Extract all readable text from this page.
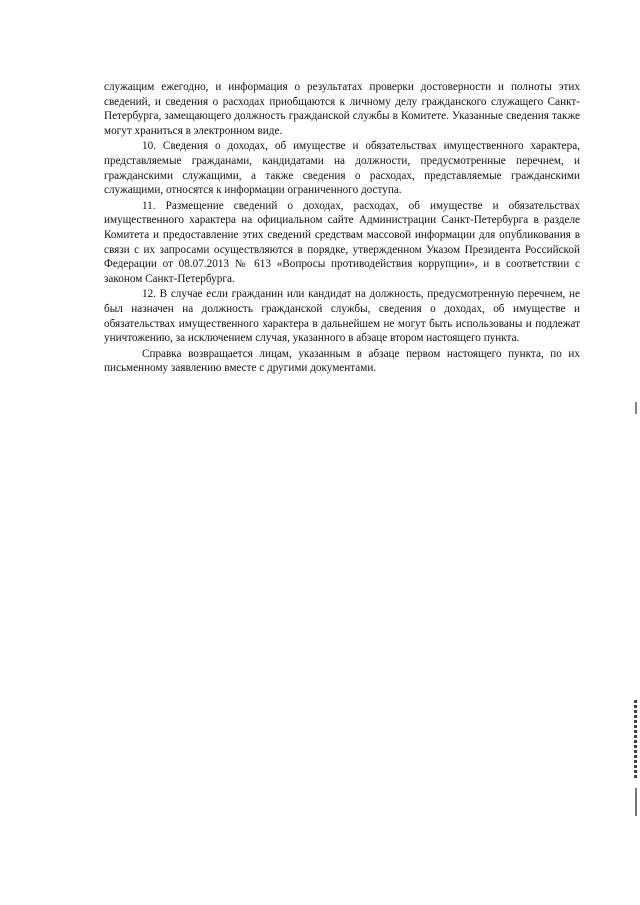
служащим ежегодно, и информация о результатах проверки достоверности и полноты этих сведений, и сведения о расходах приобщаются к личному делу гражданского служащего Санкт-Петербурга, замещающего должность гражданской службы в Комитете. Указанные сведения также могут храниться в электронном виде.

10. Сведения о доходах, об имуществе и обязательствах имущественного характера, представляемые гражданами, кандидатами на должности, предусмотренные перечнем, и гражданскими служащими, а также сведения о расходах, представляемые гражданскими служащими, относятся к информации ограниченного доступа.

11. Размещение сведений о доходах, расходах, об имуществе и обязательствах имущественного характера на официальном сайте Администрации Санкт-Петербурга в разделе Комитета и предоставление этих сведений средствам массовой информации для опубликования в связи с их запросами осуществляются в порядке, утвержденном Указом Президента Российской Федерации от 08.07.2013 № 613 «Вопросы противодействия коррупции», и в соответствии с законом Санкт-Петербурга.

12. В случае если гражданин или кандидат на должность, предусмотренную перечнем, не был назначен на должность гражданской службы, сведения о доходах, об имуществе и обязательствах имущественного характера в дальнейшем не могут быть использованы и подлежат уничтожению, за исключением случая, указанного в абзаце втором настоящего пункта.

Справка возвращается лицам, указанным в абзаце первом настоящего пункта, по их письменному заявлению вместе с другими документами.
